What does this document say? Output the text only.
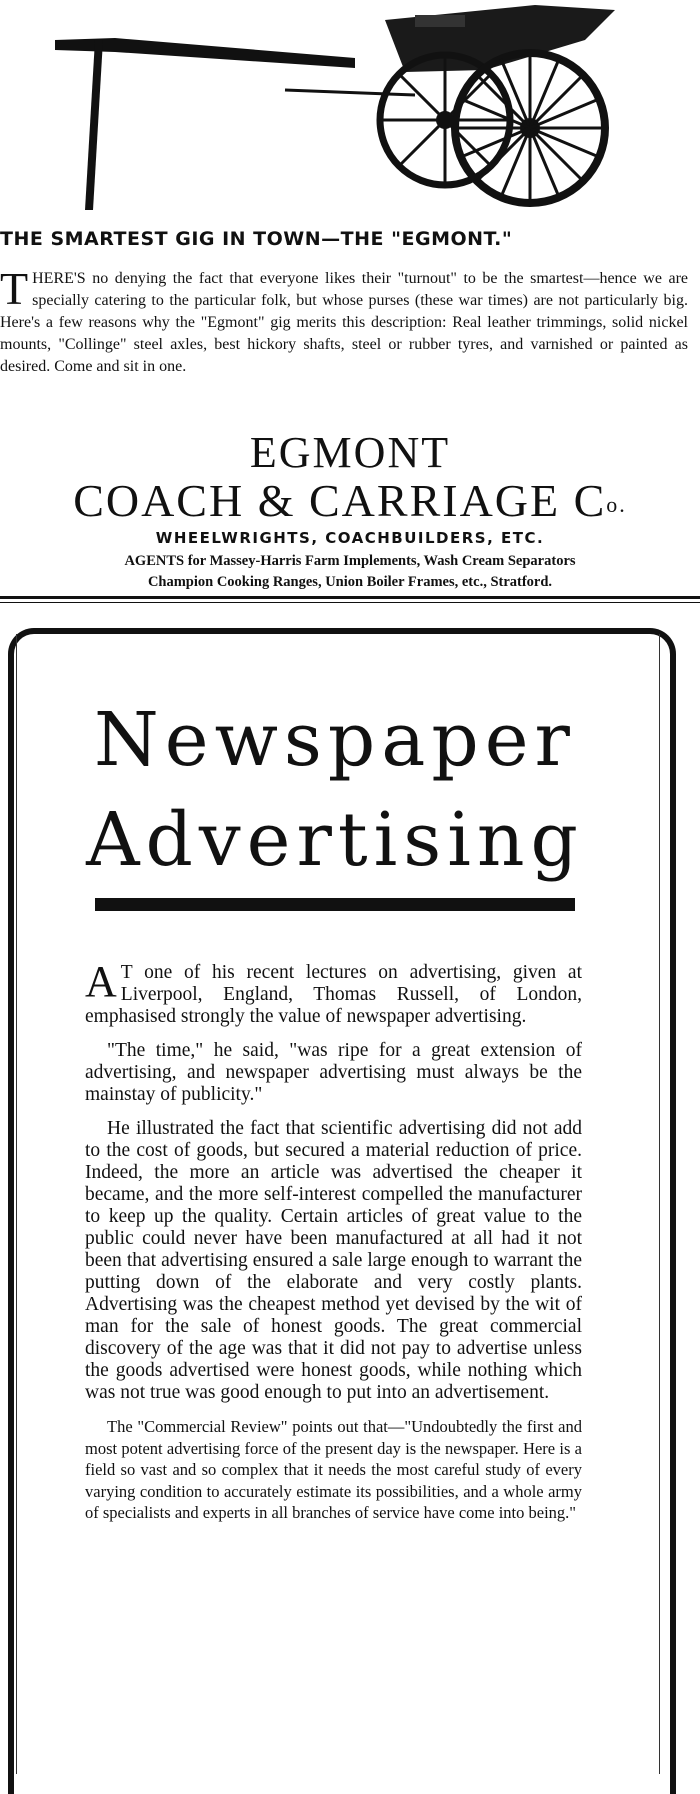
THE SMARTEST GIG IN TOWN—THE "EGMONT."
T HERE'S no denying the fact that everyone likes their "turnout" to be the smartest—hence we are specially catering to the particular folk, but whose purses (these war times) are not particularly big. Here's a few reasons why the "Egmont" gig merits this description: Real leather trimmings, solid nickel mounts, "Collinge" steel axles, best hickory shafts, steel or rubber tyres, and varnished or painted as desired. Come and sit in one.

EGMONT
COACH & CARRIAGE $C^{o.}$
WHEELWRIGHTS, COACHBUILDERS, ETC.
AGENTS for Massey-Harris Farm Implements, Wash Cream Separators
Champion Cooking Ranges, Union Boiler Frames, etc., Stratford.
Newspaper
Advertising

A T one of his recent lectures on advertising, given at Liverpool, England, Thomas Russell, of London, emphasised strongly the value of newspaper advertising.

"The time," he said, "was ripe for a great extension of advertising, and newspaper advertising must always be the mainstay of publicity."

He illustrated the fact that scientific advertising did not add to the cost of goods, but secured a material reduction of price. Indeed, the more an article was advertised the cheaper it became, and the more self-interest compelled the manufacturer to keep up the quality. Certain articles of great value to the public could never have been manufactured at all had it not been that advertising ensured a sale large enough to warrant the putting down of the elaborate and very costly plants. Advertising was the cheapest method yet devised by the wit of man for the sale of honest goods. The great commercial discovery of the age was that it did not pay to advertise unless the goods advertised were honest goods, while nothing which was not true was good enough to put into an advertisement.

The "Commercial Review" points out that—"Undoubtedly the first and most potent advertising force of the present day is the newspaper. Here is a field so vast and so complex that it needs the most careful study of every varying condition to accurately estimate its possibilities, and a whole army of specialists and experts in all branches of service have come into being."
